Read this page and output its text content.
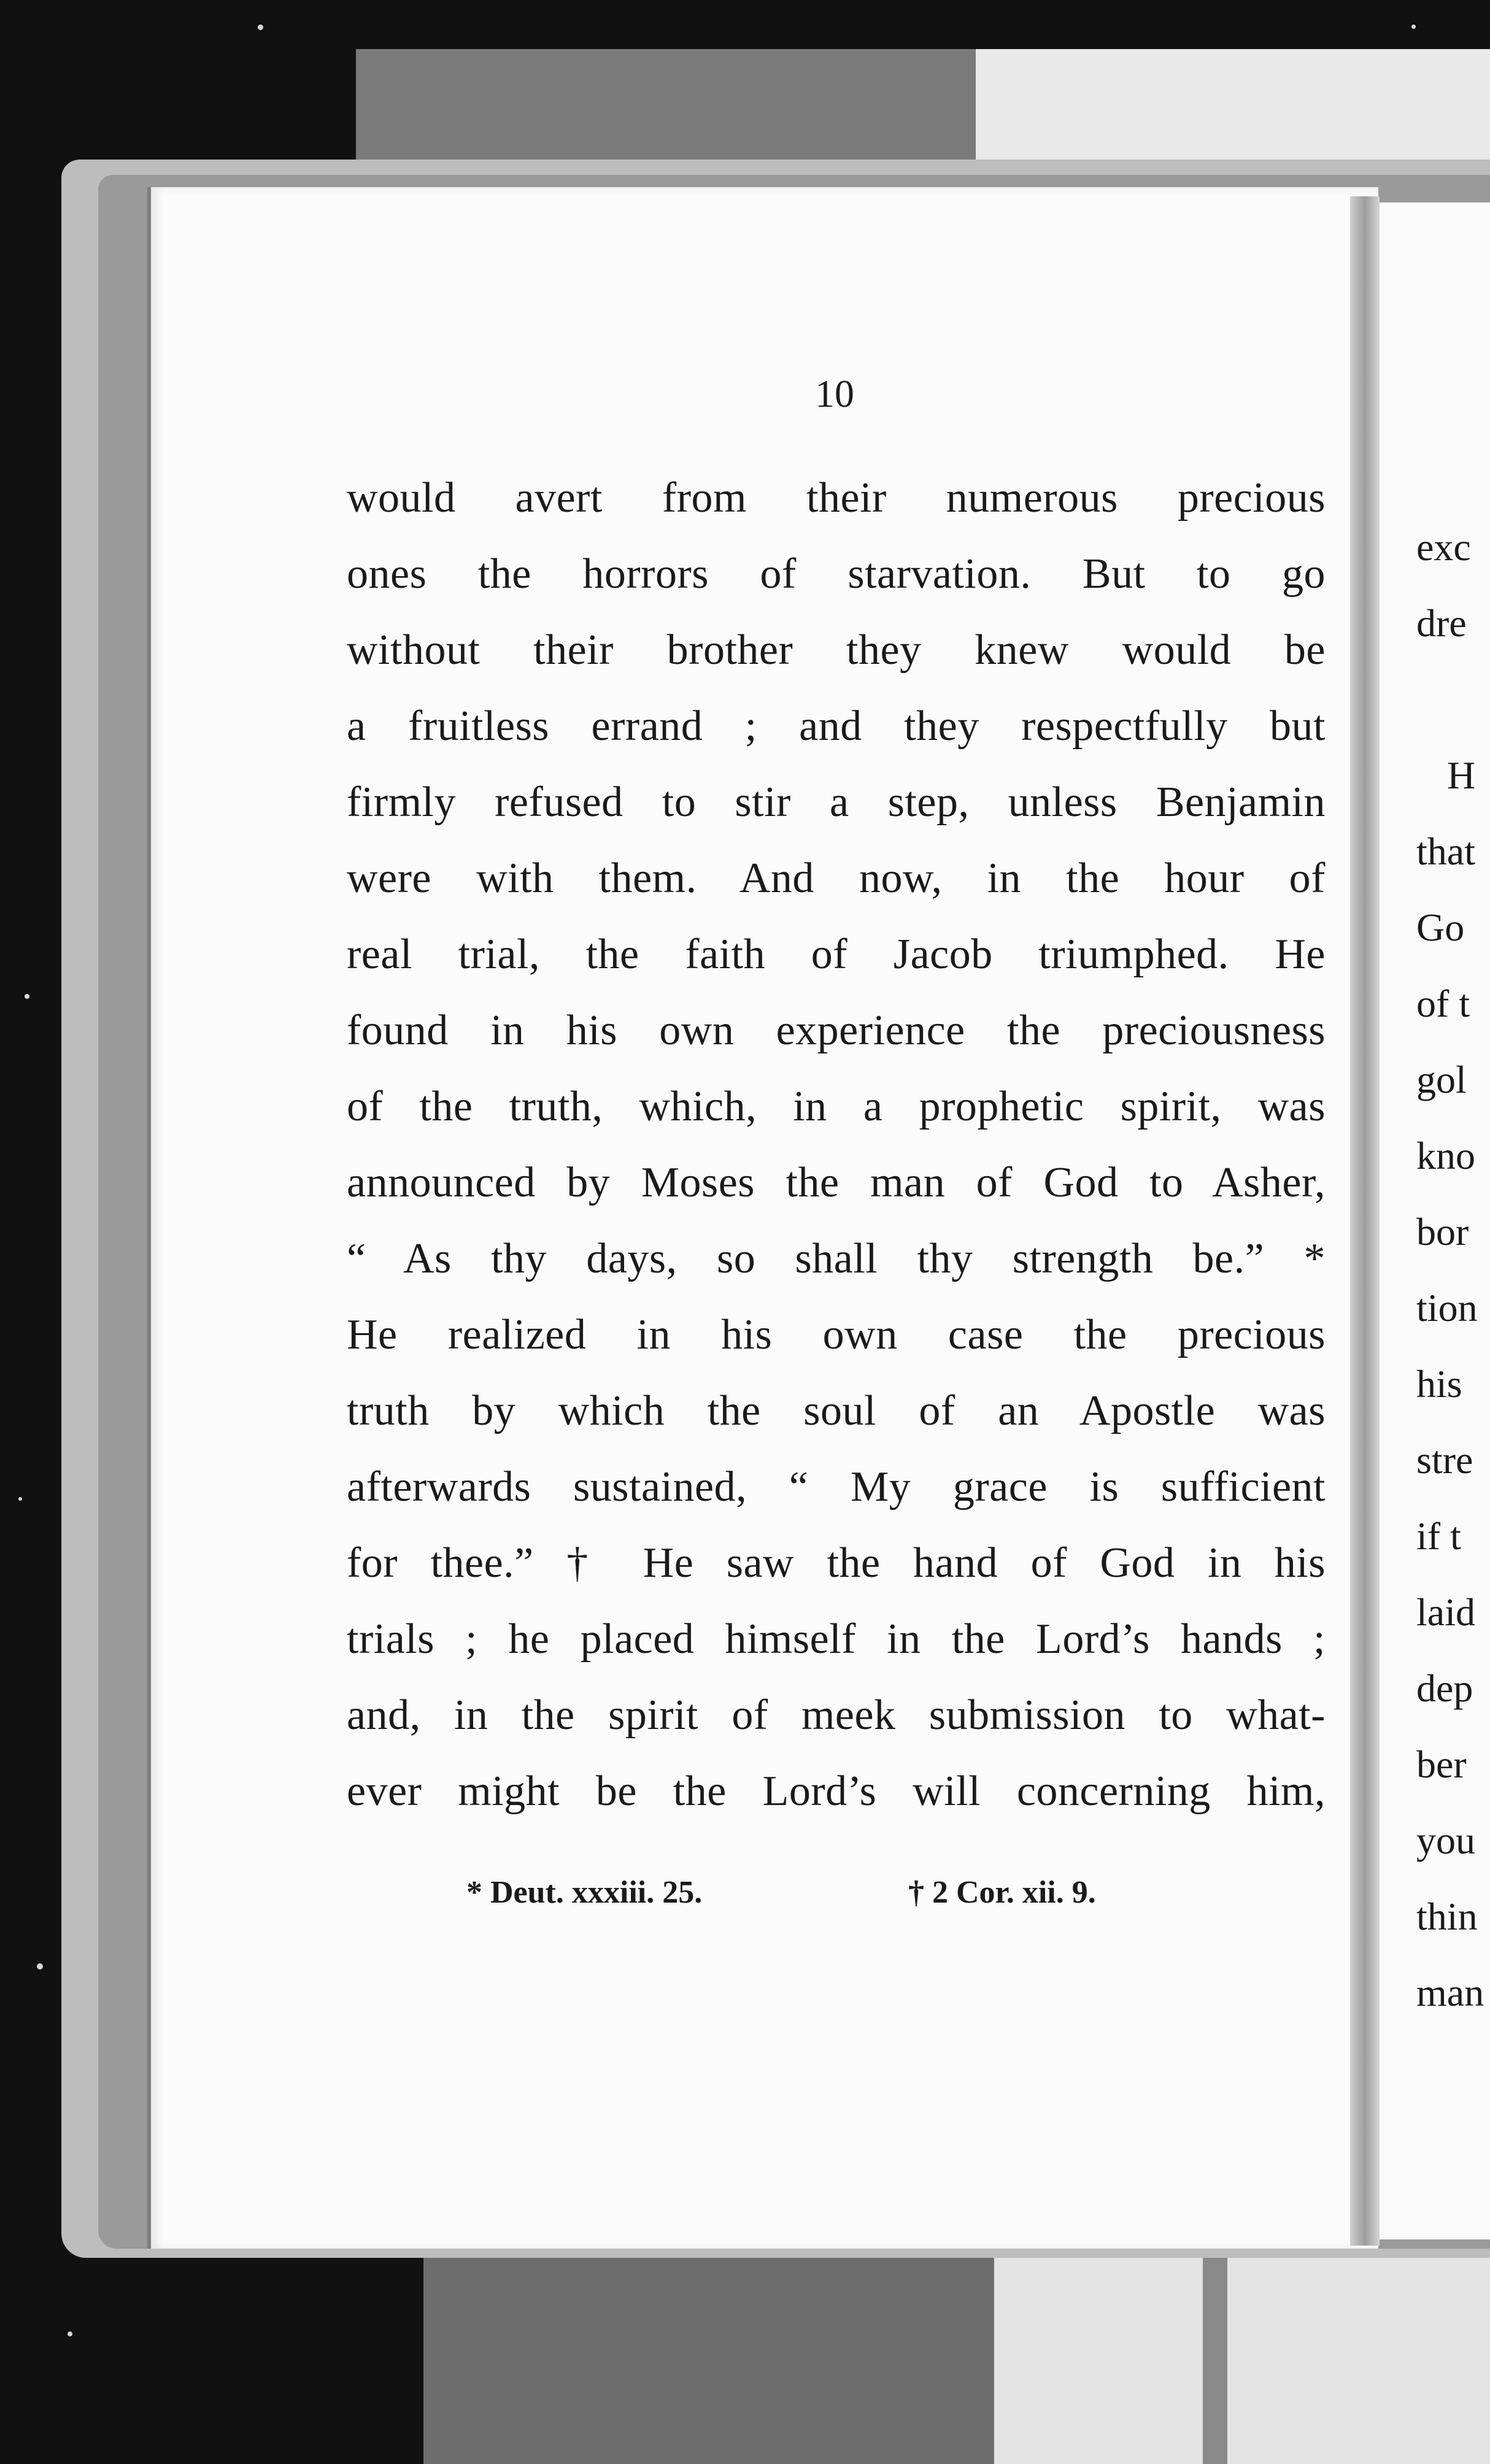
exc
dre
H
that
Go
of t
gol
kno
bor
tion
his
stre
if t
laid
dep
ber
you
thin
man
10
would avert from their numerous precious
ones the horrors of starvation. But to go
without their brother they knew would be
a fruitless errand ; and they respectfully but
firmly refused to stir a step, unless Benjamin
were with them. And now, in the hour of
real trial, the faith of Jacob triumphed. He
found in his own experience the preciousness
of the truth, which, in a prophetic spirit, was
announced by Moses the man of God to Asher,
“ As thy days, so shall thy strength be.” *
He realized in his own case the precious
truth by which the soul of an Apostle was
afterwards sustained, “ My grace is sufficient
for thee.” † He saw the hand of God in his
trials ; he placed himself in the Lord’s hands ;
and, in the spirit of meek submission to what-
ever might be the Lord’s will concerning him,
* Deut. xxxiii. 25.	† 2 Cor. xii. 9.
